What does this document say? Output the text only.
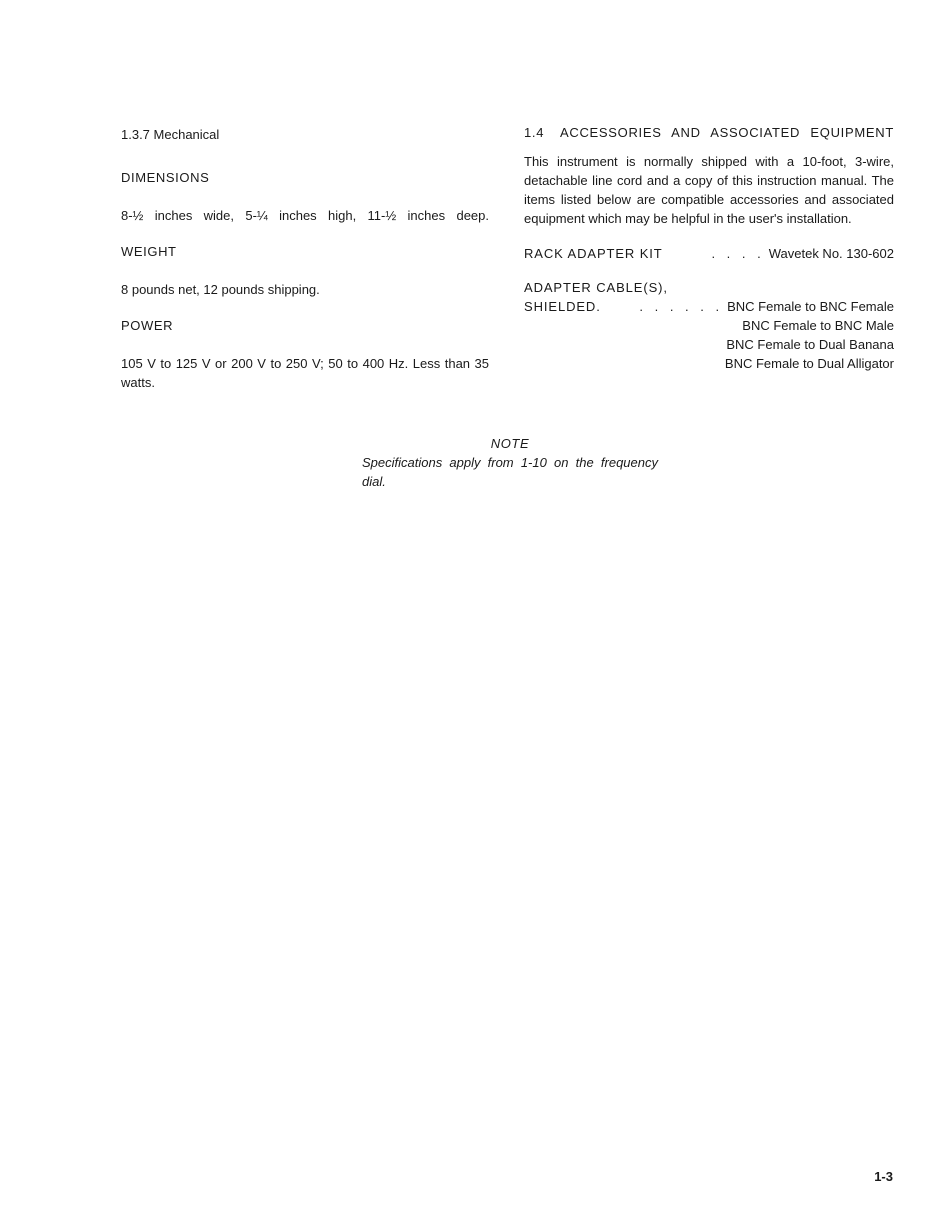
1.3.7 Mechanical
DIMENSIONS
8-½ inches wide, 5-¼ inches high, 11-½ inches deep.
WEIGHT
8 pounds net, 12 pounds shipping.
POWER
105 V to 125 V or 200 V to 250 V; 50 to 400 Hz. Less than 35 watts.
1.4	ACCESSORIES AND ASSOCIATED EQUIPMENT
This instrument is normally shipped with a 10-foot, 3-wire, detachable line cord and a copy of this instruction manual. The items listed below are compatible accessories and associated equipment which may be helpful in the user's installation.
RACK ADAPTER KIT	. . . . Wavetek No. 130-602
ADAPTER CABLE(S),
SHIELDED.	. . . . . . BNC Female to BNC Female
BNC Female to BNC Male
BNC Female to Dual Banana
BNC Female to Dual Alligator
NOTE
Specifications apply from 1-10 on the frequency dial.
1-3
